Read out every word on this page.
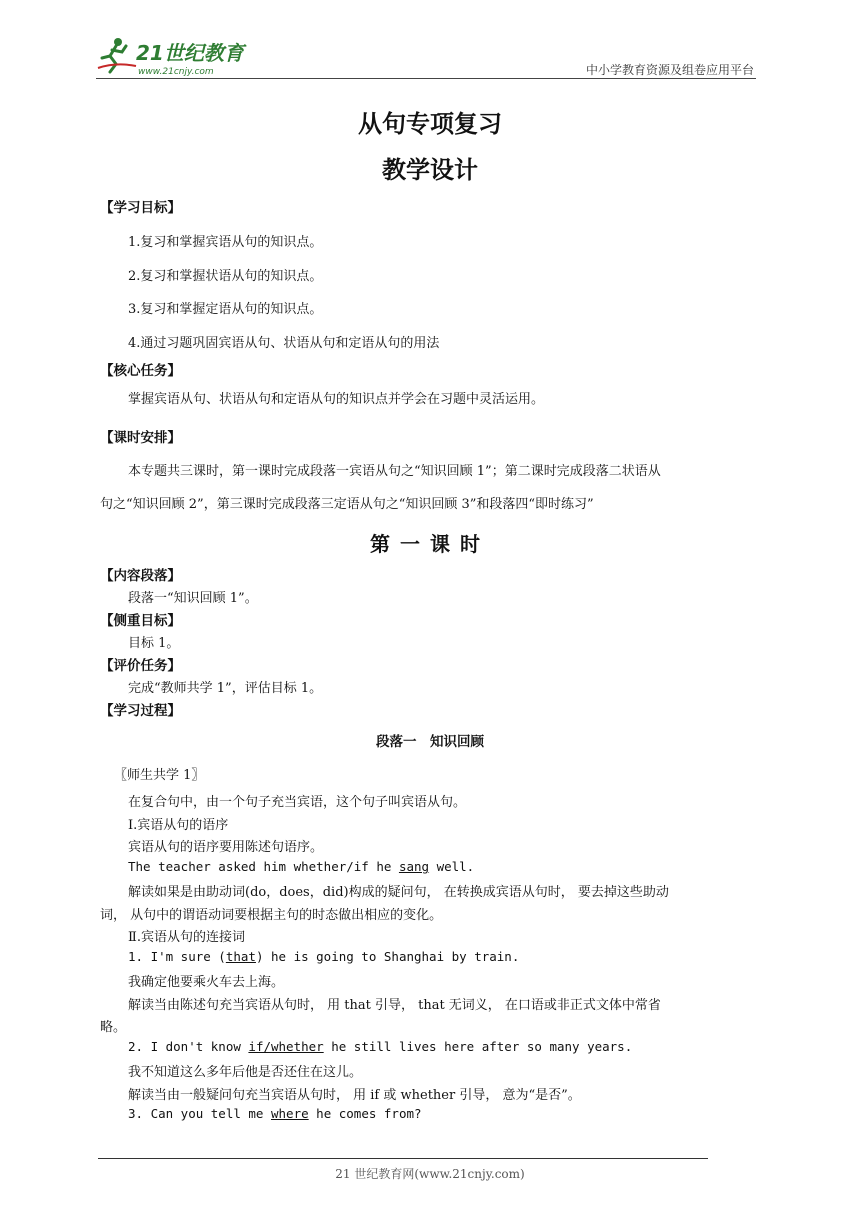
21世纪教育
www.21cnjy.com	中小学教育资源及组卷应用平台
从句专项复习
教学设计
【学习目标】
1.复习和掌握宾语从句的知识点。
2.复习和掌握状语从句的知识点。
3.复习和掌握定语从句的知识点。
4.通过习题巩固宾语从句、状语从句和定语从句的用法
【核心任务】
掌握宾语从句、状语从句和定语从句的知识点并学会在习题中灵活运用。
【课时安排】
本专题共三课时，第一课时完成段落一宾语从句之“知识回顾 1”；第二课时完成段落二状语从
句之“知识回顾 2”，第三课时完成段落三定语从句之“知识回顾 3”和段落四“即时练习”
第一课时
【内容段落】
段落一“知识回顾 1”。
【侧重目标】
目标 1。
【评价任务】
完成“教师共学 1”，评估目标 1。
【学习过程】
段落一　知识回顾
〖师生共学 1〗
在复合句中，由一个句子充当宾语，这个句子叫宾语从句。
Ⅰ.宾语从句的语序
宾语从句的语序要用陈述句语序。
The teacher asked him whether/if he sang well.
解读如果是由助动词(do，does，did)构成的疑问句， 在转换成宾语从句时， 要去掉这些助动
词， 从句中的谓语动词要根据主句的时态做出相应的变化。
Ⅱ.宾语从句的连接词
1. I'm sure (that) he is going to Shanghai by train.
我确定他要乘火车去上海。
解读当由陈述句充当宾语从句时， 用 that 引导， that 无词义， 在口语或非正式文体中常省
略。
2. I don't know if/whether he still lives here after so many years.
我不知道这么多年后他是否还住在这儿。
解读当由一般疑问句充当宾语从句时， 用 if 或 whether 引导， 意为“是否”。
3. Can you tell me where he comes from?
21 世纪教育网(www.21cnjy.com)
